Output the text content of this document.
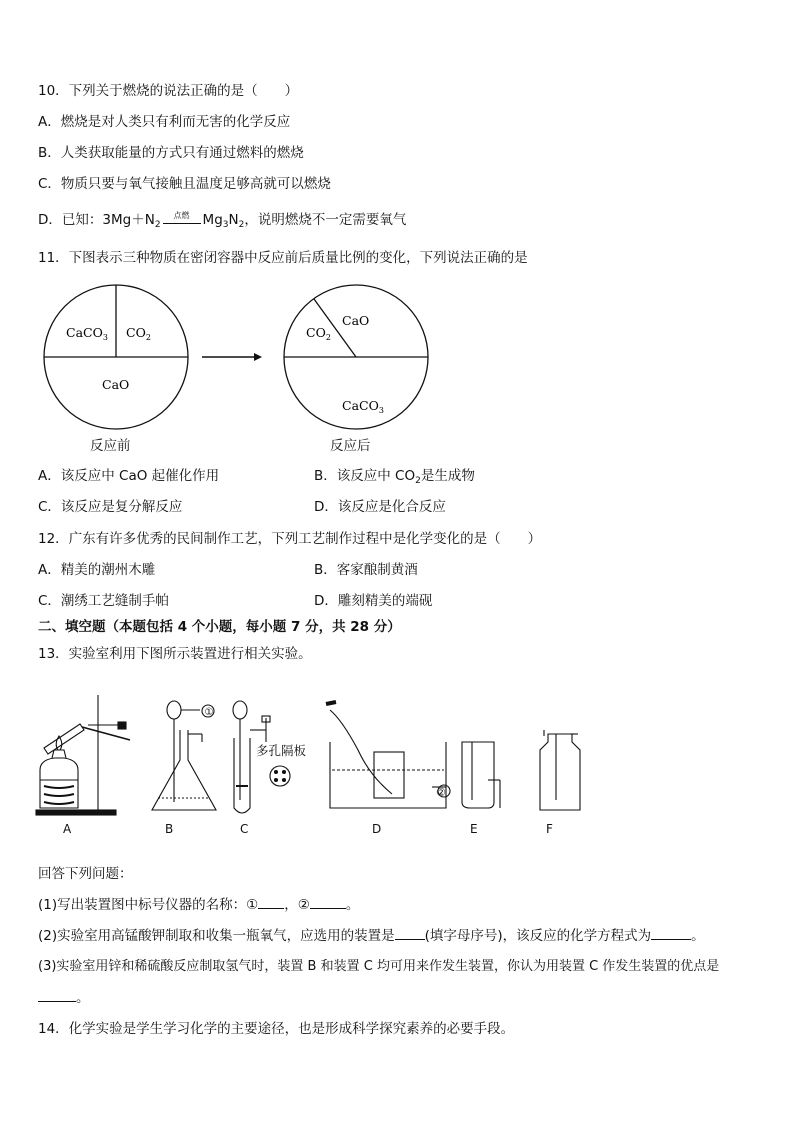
10．下列关于燃烧的说法正确的是（　　）
A．燃烧是对人类只有利而无害的化学反应
B．人类获取能量的方式只有通过燃料的燃烧
C．物质只要与氧气接触且温度足够高就可以燃烧
D．已知：$3Mg+N_2$
点燃 $Mg_3N_2$，说明燃烧不一定需要氧气
11．下图表示三种物质在密闭容器中反应前后质量比例的变化，下列说法正确的是
CaCO$_3$ $CO_2$
CaO
CaO
$CO_2$
CaCO$_3$
反应前	反应后
A．该反应中 CaO 起催化作用	B．该反应中 $CO_2$是生成物
C．该反应是复分解反应	D．该反应是化合反应
12．广东有许多优秀的民间制作工艺，下列工艺制作过程中是化学变化的是（　　）
A．精美的潮州木雕	B．客家酿制黄酒
C．潮绣工艺缝制手帕	D．雕刻精美的端砚
二、填空题（本题包括 4 个小题，每小题 7 分，共 28 分）
13．实验室利用下图所示装置进行相关实验。
①
多孔隔板
②
A	B	C	D	E	F
回答下列问题：
(1)写出装置图中标号仪器的名称：① ，②	。
(2)实验室用高锰酸钾制取和收集一瓶氧气，应选用的装置是 (填字母序号)，该反应的化学方程式为	。
(3)实验室用锌和稀硫酸反应制取氢气时，装置 B 和装置 C 均可用来作发生装置，你认为用装置 C 作发生装置的优点是
。
14．化学实验是学生学习化学的主要途径，也是形成科学探究素养的必要手段。
